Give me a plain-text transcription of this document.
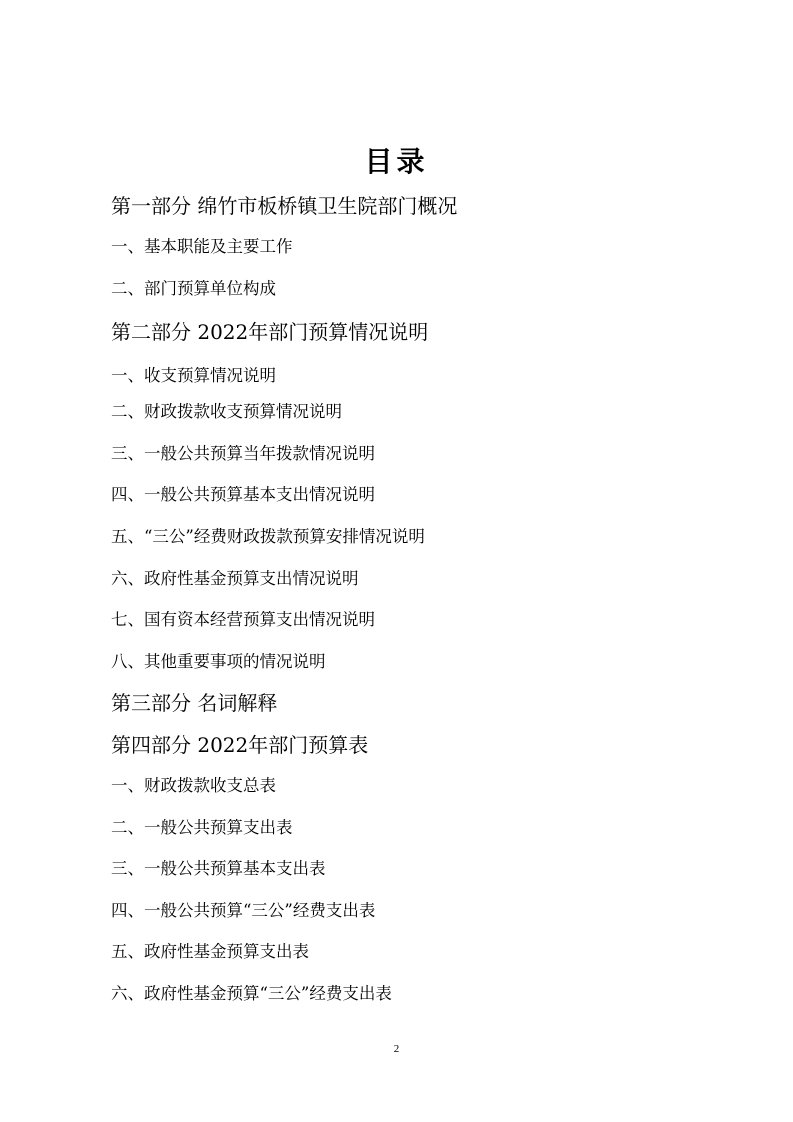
目录

第一部分 绵竹市板桥镇卫生院部门概况

一、基本职能及主要工作

二、部门预算单位构成

第二部分 2022年部门预算情况说明

一、收支预算情况说明

二、财政拨款收支预算情况说明

三、一般公共预算当年拨款情况说明

四、一般公共预算基本支出情况说明

五、“三公”经费财政拨款预算安排情况说明

六、政府性基金预算支出情况说明

七、国有资本经营预算支出情况说明

八、其他重要事项的情况说明

第三部分 名词解释

第四部分 2022年部门预算表

一、财政拨款收支总表

二、一般公共预算支出表

三、一般公共预算基本支出表

四、一般公共预算“三公”经费支出表

五、政府性基金预算支出表

六、政府性基金预算“三公”经费支出表

2
